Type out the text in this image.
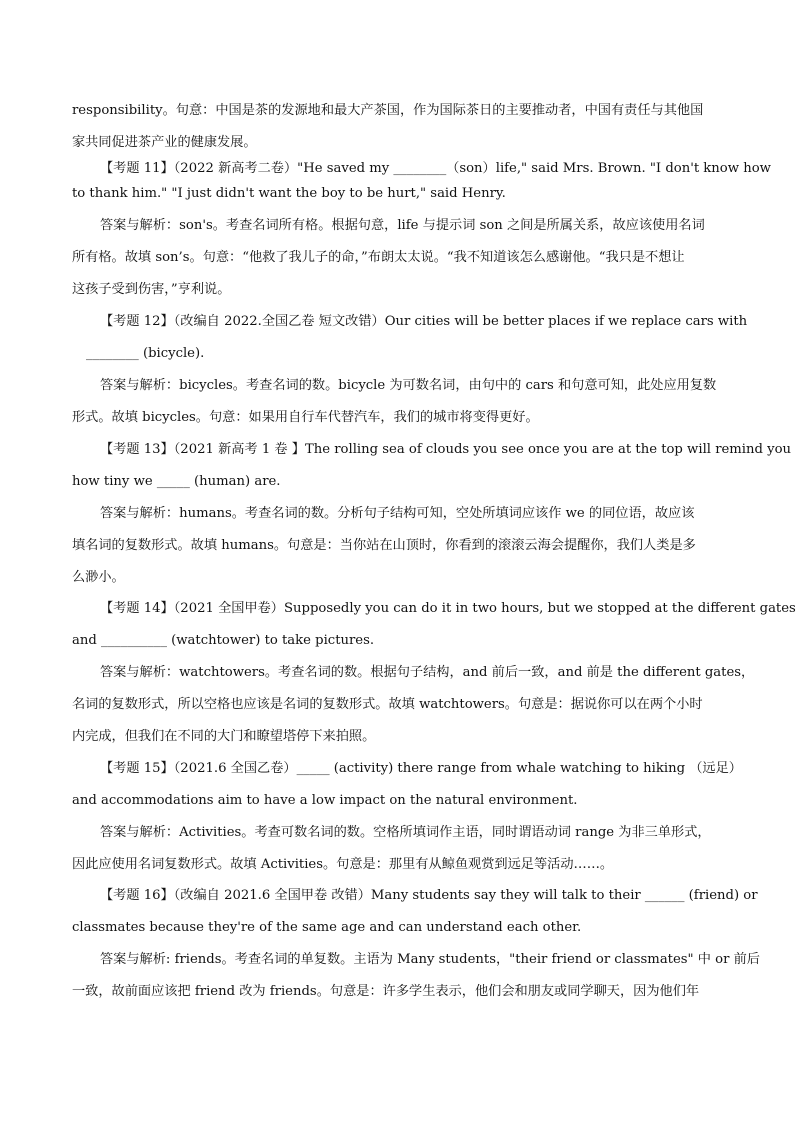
responsibility。句意：中国是茶的发源地和最大产茶国，作为国际茶日的主要推动者，中国有责任与其他国
家共同促进茶产业的健康发展。
【考题 11】（2022 新高考二卷）"He saved my ________（son）life," said Mrs. Brown. "I don't know how
to thank him." "I just didn't want the boy to be hurt," said Henry.
答案与解析：son's。考查名词所有格。根据句意，life 与提示词 son 之间是所属关系，故应该使用名词
所有格。故填 son’s。句意：“他救了我儿子的命，”布朗太太说。“我不知道该怎么感谢他。“我只是不想让
这孩子受到伤害，”亨利说。
【考题 12】（改编自 2022.全国乙卷 短文改错）Our cities will be better places if we replace cars with
________ (bicycle).
答案与解析：bicycles。考查名词的数。bicycle 为可数名词，由句中的 cars 和句意可知，此处应用复数
形式。故填 bicycles。句意：如果用自行车代替汽车，我们的城市将变得更好。
【考题 13】（2021 新高考 1 卷 】The rolling sea of clouds you see once you are at the top will remind you
how tiny we _____ (human) are.
答案与解析：humans。考查名词的数。分析句子结构可知，空处所填词应该作 we 的同位语，故应该
填名词的复数形式。故填 humans。句意是：当你站在山顶时，你看到的滚滚云海会提醒你，我们人类是多
么渺小。
【考题 14】（2021 全国甲卷）Supposedly you can do it in two hours, but we stopped at the different gates
and __________ (watchtower) to take pictures.
答案与解析：watchtowers。考查名词的数。根据句子结构，and 前后一致，and 前是 the different gates，
名词的复数形式，所以空格也应该是名词的复数形式。故填 watchtowers。句意是：据说你可以在两个小时
内完成，但我们在不同的大门和瞭望塔停下来拍照。
【考题 15】（2021.6 全国乙卷）_____ (activity) there range from whale watching to hiking （远足）
and accommodations aim to have a low impact on the natural environment.
答案与解析：Activities。考查可数名词的数。空格所填词作主语，同时谓语动词 range 为非三单形式，
因此应使用名词复数形式。故填 Activities。句意是：那里有从鲸鱼观赏到远足等活动……。
【考题 16】（改编自 2021.6 全国甲卷 改错）Many students say they will talk to their ______ (friend) or
classmates because they're of the same age and can understand each other.
答案与解析: friends。考查名词的单复数。主语为 Many students，"their friend or classmates" 中 or 前后
一致，故前面应该把 friend 改为 friends。句意是：许多学生表示，他们会和朋友或同学聊天，因为他们年
